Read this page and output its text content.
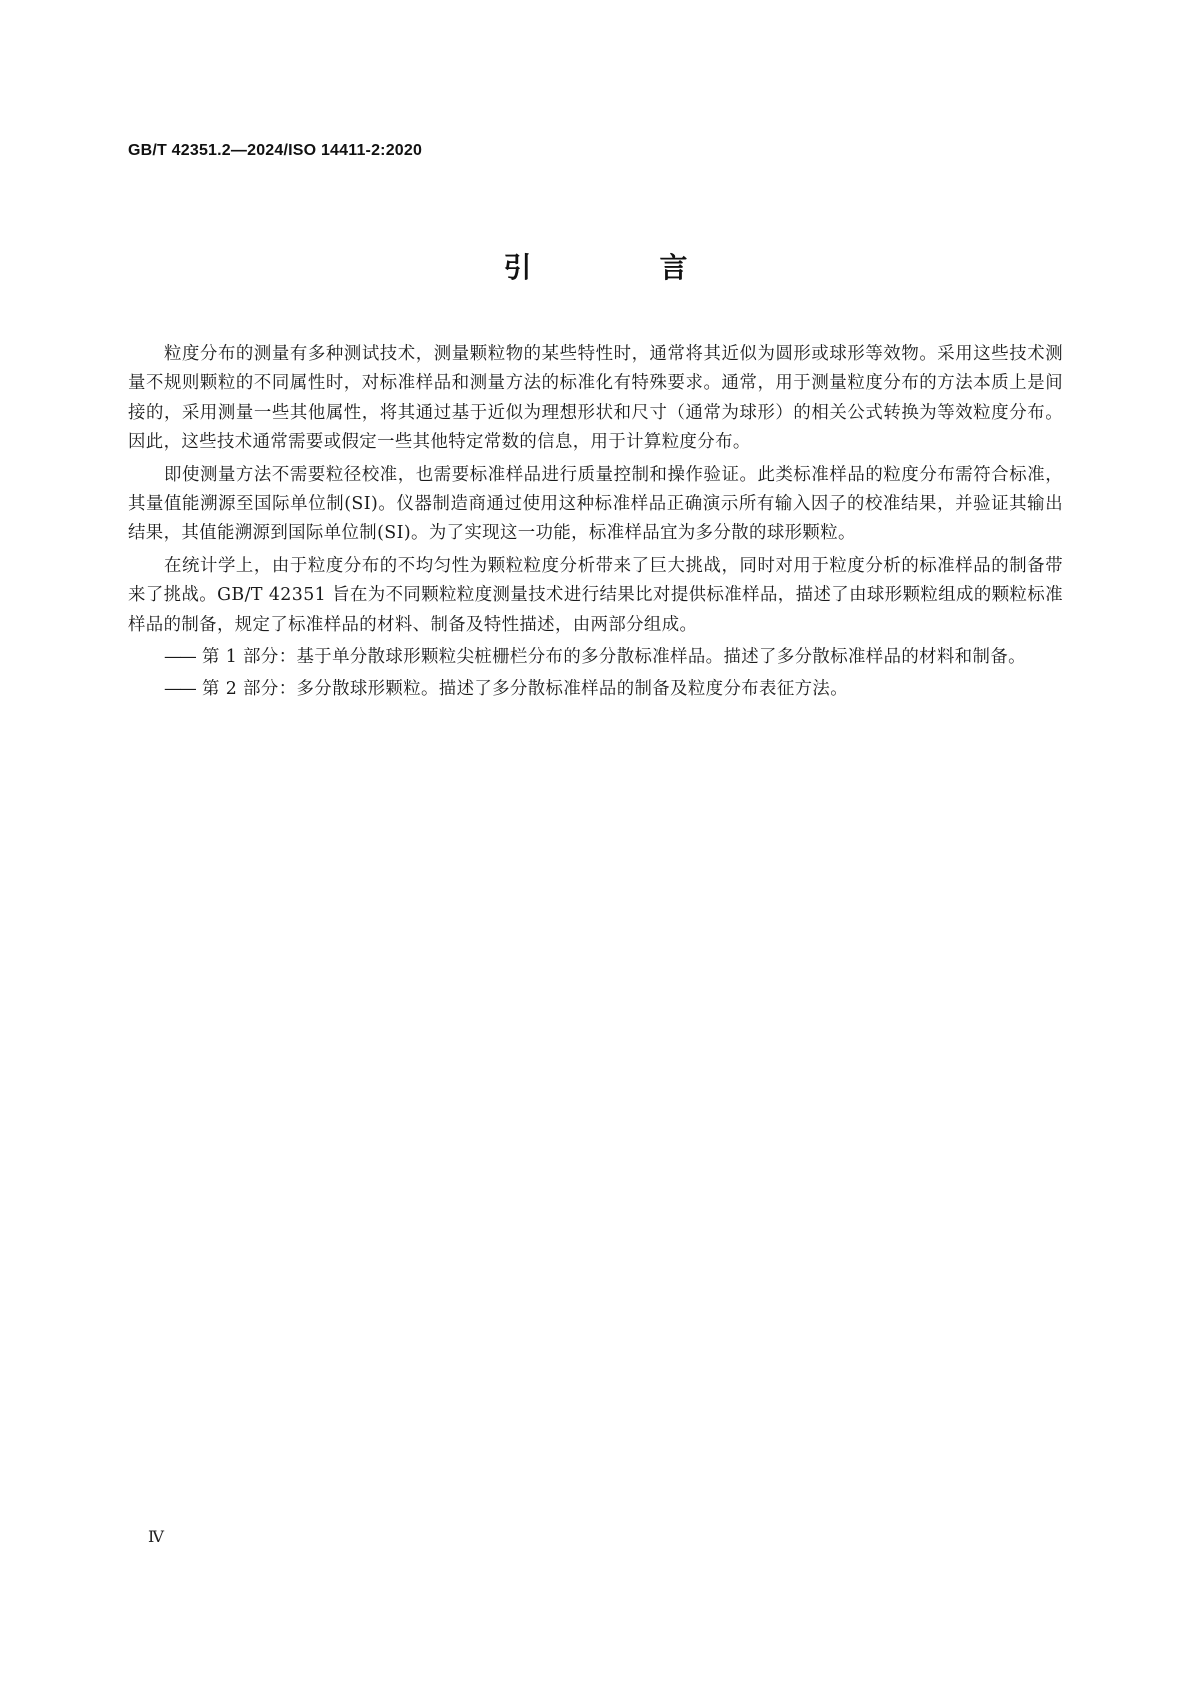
GB/T 42351.2—2024/ISO 14411-2:2020
引　言

粒度分布的测量有多种测试技术，测量颗粒物的某些特性时，通常将其近似为圆形或球形等效物。采用这些技术测量不规则颗粒的不同属性时，对标准样品和测量方法的标准化有特殊要求。通常，用于测量粒度分布的方法本质上是间接的，采用测量一些其他属性，将其通过基于近似为理想形状和尺寸（通常为球形）的相关公式转换为等效粒度分布。因此，这些技术通常需要或假定一些其他特定常数的信息，用于计算粒度分布。

即使测量方法不需要粒径校准，也需要标准样品进行质量控制和操作验证。此类标准样品的粒度分布需符合标准，其量值能溯源至国际单位制(SI)。仪器制造商通过使用这种标准样品正确演示所有输入因子的校准结果，并验证其输出结果，其值能溯源到国际单位制(SI)。为了实现这一功能，标准样品宜为多分散的球形颗粒。

在统计学上，由于粒度分布的不均匀性为颗粒粒度分析带来了巨大挑战，同时对用于粒度分析的标准样品的制备带来了挑战。GB/T 42351 旨在为不同颗粒粒度测量技术进行结果比对提供标准样品，描述了由球形颗粒组成的颗粒标准样品的制备，规定了标准样品的材料、制备及特性描述，由两部分组成。

—— 第 1 部分：基于单分散球形颗粒尖桩栅栏分布的多分散标准样品。描述了多分散标准样品的材料和制备。
—— 第 2 部分：多分散球形颗粒。描述了多分散标准样品的制备及粒度分布表征方法。
Ⅳ
